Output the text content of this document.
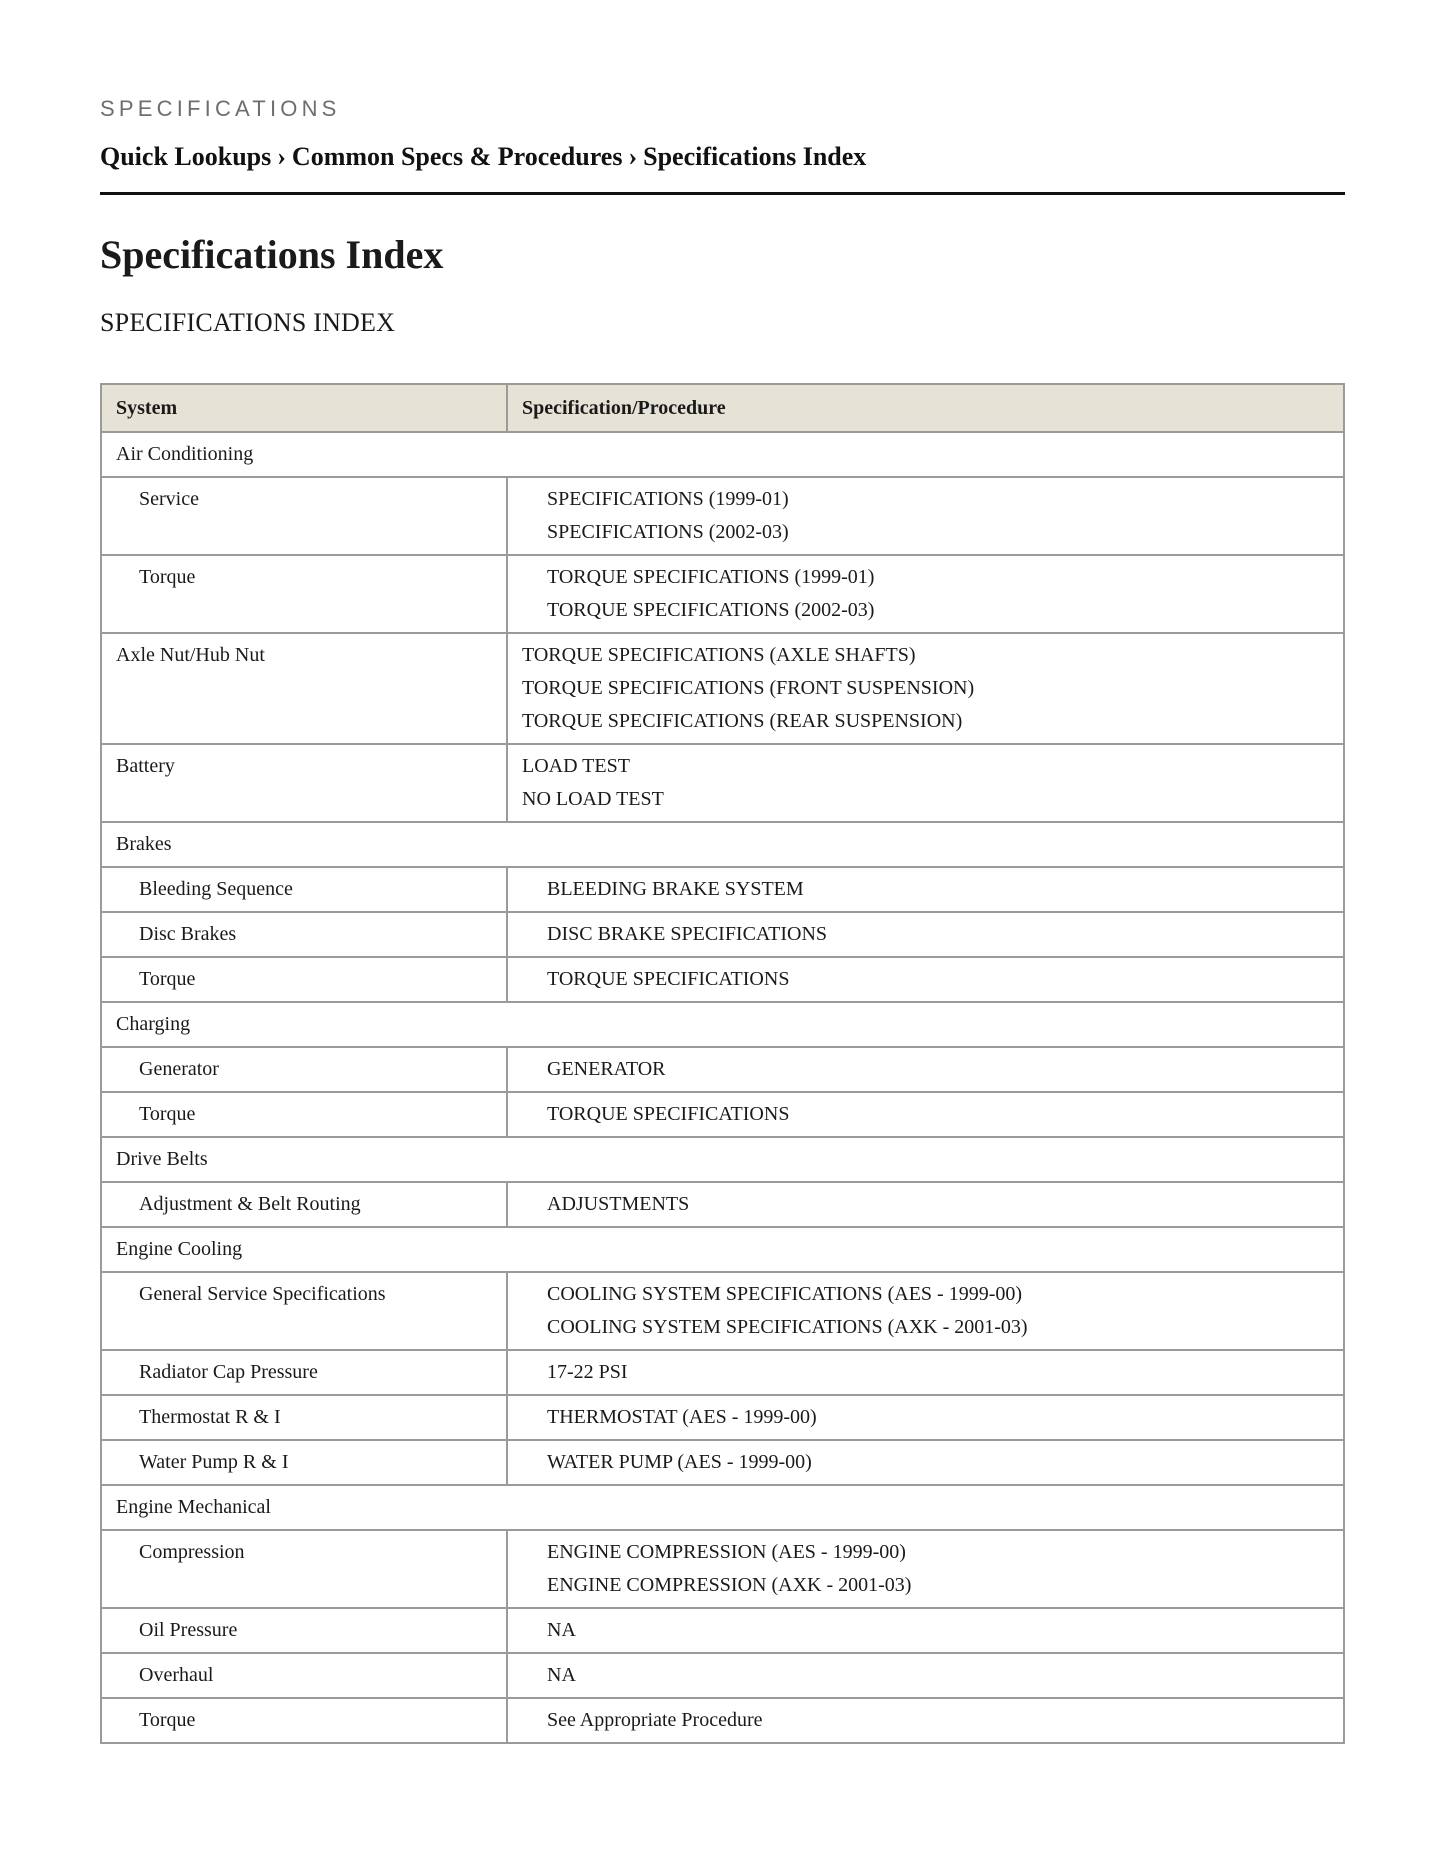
SPECIFICATIONS
Quick Lookups › Common Specs & Procedures › Specifications Index
Specifications Index
SPECIFICATIONS INDEX
System	Specification/Procedure
Air Conditioning	
Service	SPECIFICATIONS (1999-01)
SPECIFICATIONS (2002-03)

Torque	TORQUE SPECIFICATIONS (1999-01)
TORQUE SPECIFICATIONS (2002-03)

Axle Nut/Hub Nut	TORQUE SPECIFICATIONS (AXLE SHAFTS)
TORQUE SPECIFICATIONS (FRONT SUSPENSION)
TORQUE SPECIFICATIONS (REAR SUSPENSION)

Battery	LOAD TEST
NO LOAD TEST

Brakes	
Bleeding Sequence	BLEEDING BRAKE SYSTEM

Disc Brakes	DISC BRAKE SPECIFICATIONS

Torque	TORQUE SPECIFICATIONS

Charging	
Generator	GENERATOR

Torque	TORQUE SPECIFICATIONS

Drive Belts	
Adjustment & Belt Routing	ADJUSTMENTS

Engine Cooling	
General Service Specifications	COOLING SYSTEM SPECIFICATIONS (AES - 1999-00)
COOLING SYSTEM SPECIFICATIONS (AXK - 2001-03)

Radiator Cap Pressure	17-22 PSI

Thermostat R & I	THERMOSTAT (AES - 1999-00)

Water Pump R & I	WATER PUMP (AES - 1999-00)

Engine Mechanical	
Compression	ENGINE COMPRESSION (AES - 1999-00)
ENGINE COMPRESSION (AXK - 2001-03)

Oil Pressure	NA

Overhaul	NA

Torque	See Appropriate Procedure
